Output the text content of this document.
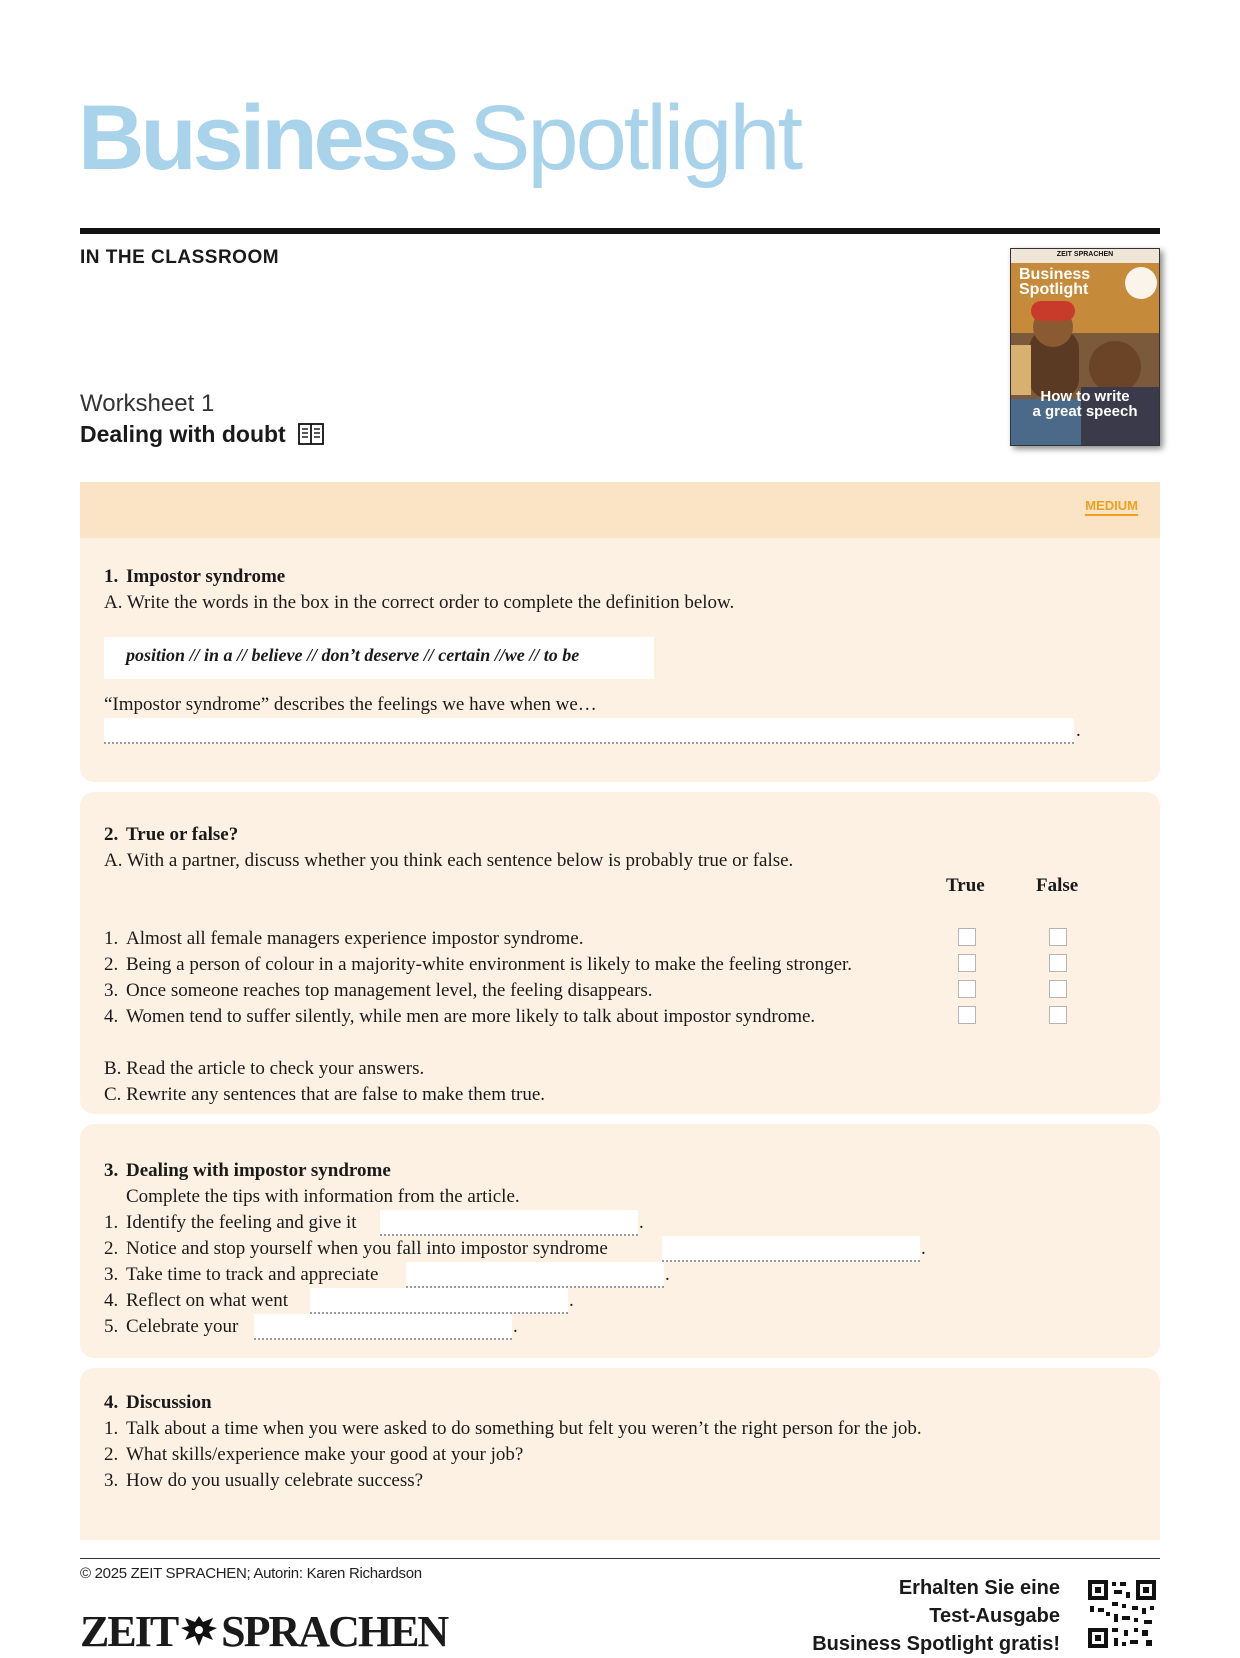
Business Spotlight
IN THE CLASSROOM
Worksheet 1
Dealing with doubt
ZEIT SPRACHEN
Business
Spotlight
How to write
a great speech
MEDIUM
1. Impostor syndrome
A. Write the words in the box in the correct order to complete the definition below.
position // in a // believe // don’t deserve // certain //we // to be
“Impostor syndrome” describes the feelings we have when we…
.
2. True or false?
A. With a partner, discuss whether you think each sentence below is probably true or false.
True	False
1. Almost all female managers experience impostor syndrome.
2. Being a person of colour in a majority-white environment is likely to make the feeling stronger.
3. Once someone reaches top management level, the feeling disappears.
4. Women tend to suffer silently, while men are more likely to talk about impostor syndrome.
B. Read the article to check your answers.
C. Rewrite any sentences that are false to make them true.
3. Dealing with impostor syndrome
Complete the tips with information from the article.
1. Identify the feeling and give it	.
2. Notice and stop yourself when you fall into impostor syndrome	.
3. Take time to track and appreciate	.
4. Reflect on what went	.
5. Celebrate your	.
4. Discussion
1. Talk about a time when you were asked to do something but felt you weren’t the right person for the job.
2. What skills/experience make your good at your job?
3. How do you usually celebrate success?
© 2025 ZEIT SPRACHEN; Autorin: Karen Richardson
ZEIT SPRACHEN
Erhalten Sie eine
Test-Ausgabe
Business Spotlight gratis!
